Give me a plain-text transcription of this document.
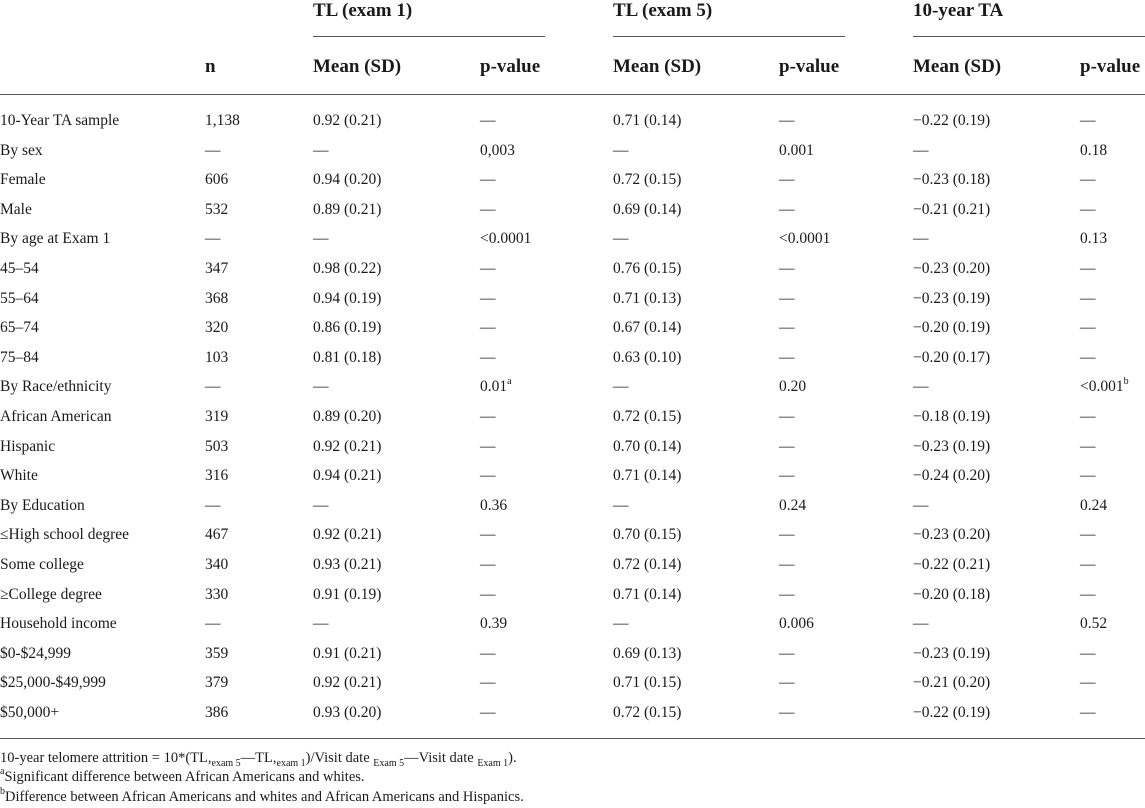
TL (exam 1)	TL (exam 5)	10-year TA
n	Mean (SD)	p-value	Mean (SD)	p-value	Mean (SD)	p-value
10-Year TA sample	1,138	0.92 (0.21)	—	0.71 (0.14)	—	−0.22 (0.19)	—
By sex	—	—	0,003	—	0.001	—	0.18
Female	606	0.94 (0.20)	—	0.72 (0.15)	—	−0.23 (0.18)	—
Male	532	0.89 (0.21)	—	0.69 (0.14)	—	−0.21 (0.21)	—
By age at Exam 1	—	—	<0.0001	—	<0.0001	—	0.13
45–54	347	0.98 (0.22)	—	0.76 (0.15)	—	−0.23 (0.20)	—
55–64	368	0.94 (0.19)	—	0.71 (0.13)	—	−0.23 (0.19)	—
65–74	320	0.86 (0.19)	—	0.67 (0.14)	—	−0.20 (0.19)	—
75–84	103	0.81 (0.18)	—	0.63 (0.10)	—	−0.20 (0.17)	—
By Race/ethnicity	—	—	0.01$^a$	—	0.20	—	<0.001$^b$
African American	319	0.89 (0.20)	—	0.72 (0.15)	—	−0.18 (0.19)	—
Hispanic	503	0.92 (0.21)	—	0.70 (0.14)	—	−0.23 (0.19)	—
White	316	0.94 (0.21)	—	0.71 (0.14)	—	−0.24 (0.20)	—
By Education	—	—	0.36	—	0.24	—	0.24
≤High school degree	467	0.92 (0.21)	—	0.70 (0.15)	—	−0.23 (0.20)	—
Some college	340	0.93 (0.21)	—	0.72 (0.14)	—	−0.22 (0.21)	—
≥College degree	330	0.91 (0.19)	—	0.71 (0.14)	—	−0.20 (0.18)	—
Household income	—	—	0.39	—	0.006	—	0.52
$0-$24,999	359	0.91 (0.21)	—	0.69 (0.13)	—	−0.23 (0.19)	—
$25,000-$49,999	379	0.92 (0.21)	—	0.71 (0.15)	—	−0.21 (0.20)	—
$50,000+	386	0.93 (0.20)	—	0.72 (0.15)	—	−0.22 (0.19)	—
10-year telomere attrition = $10*(TL,_{exam 5}—TL,_{exam 1})$/Visit date $_{Exam 5}$—Visit date $_{Exam 1}$).
$^a$Significant difference between African Americans and whites.
$^b$Difference between African Americans and whites and African Americans and Hispanics.
